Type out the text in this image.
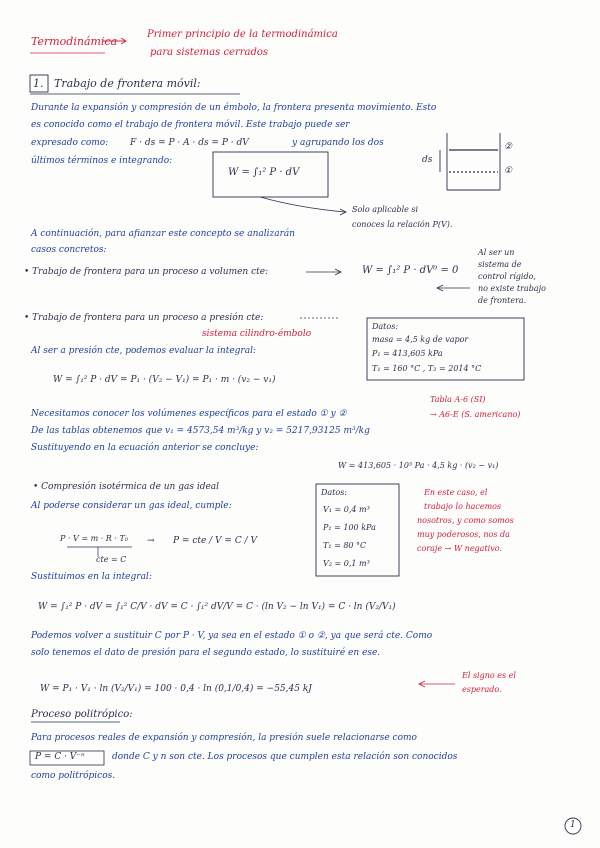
Termodinámica
Primer principio de la termodinámica
para sistemas cerrados
1. Trabajo de frontera móvil:
Durante la expansión y compresión de un émbolo, la frontera presenta movimiento. Esto
es conocido como el trabajo de frontera móvil. Este trabajo puede ser
expresado como: F · ds = P · A · ds = P · dV	y agrupando los dos
últimos términos e integrando:
W = ∫₁² P · dV
ds
②
①
Solo aplicable si
conoces la relación P(V).
A continuación, para afianzar este concepto se analizarán
casos concretos:
• Trabajo de frontera para un proceso a volumen cte:	W = ∫₁² P · dV⁰ = 0
Al ser un
sistema de
control rígido,
no existe trabajo
de frontera.
• Trabajo de frontera para un proceso a presión cte:
sistema cilindro-émbolo
Al ser a presión cte, podemos evaluar la integral:
W = ∫₁² P · dV = P₁ · (V₂ − V₁) = P₁ · m · (v₂ − v₁)
Datos:
masa = 4,5 kg de vapor
P₁ = 413,605 kPa
T₁ = 160 °C , T₂ = 2014 °C
Tabla A-6 (SI)
→ A6-E (S. americano)
Necesitamos conocer los volúmenes específicos para el estado ① y ②
De las tablas obtenemos que v₁ = 4573,54 m³/kg y v₂ = 5217,93125 m³/kg
Sustituyendo en la ecuación anterior se concluye:
W = 413,605 · 10³ Pa · 4,5 kg · (v₂ − v₁)
• Compresión isotérmica de un gas ideal
Al poderse considerar un gas ideal, cumple:
P · V = m · R · T₀
cte = C
→ P = cte / V = C / V
Datos:
V₁ = 0,4 m³
P₁ = 100 kPa
T₁ = 80 °C
V₂ = 0,1 m³
En este caso, el
trabajo lo hacemos
nosotros, y como somos
muy poderosos, nos da
coraje → W negativo.
Sustituimos en la integral:
W = ∫₁² P · dV = ∫₁² C/V · dV = C · ∫₁² dV/V = C · (ln V₂ − ln V₁) = C · ln (V₂/V₁)
Podemos volver a sustituir C por P · V, ya sea en el estado ① o ②, ya que será cte. Como
solo tenemos el dato de presión para el segundo estado, lo sustituiré en ese.
W = P₁ · V₁ · ln (V₂/V₁) = 100 · 0,4 · ln (0,1/0,4) = −55,45 kJ
El signo es el
esperado.
Proceso politrópico:
Para procesos reales de expansión y compresión, la presión suele relacionarse como
P = C · V⁻ⁿ	donde C y n son cte. Los procesos que cumplen esta relación son conocidos
como politrópicos.
1
